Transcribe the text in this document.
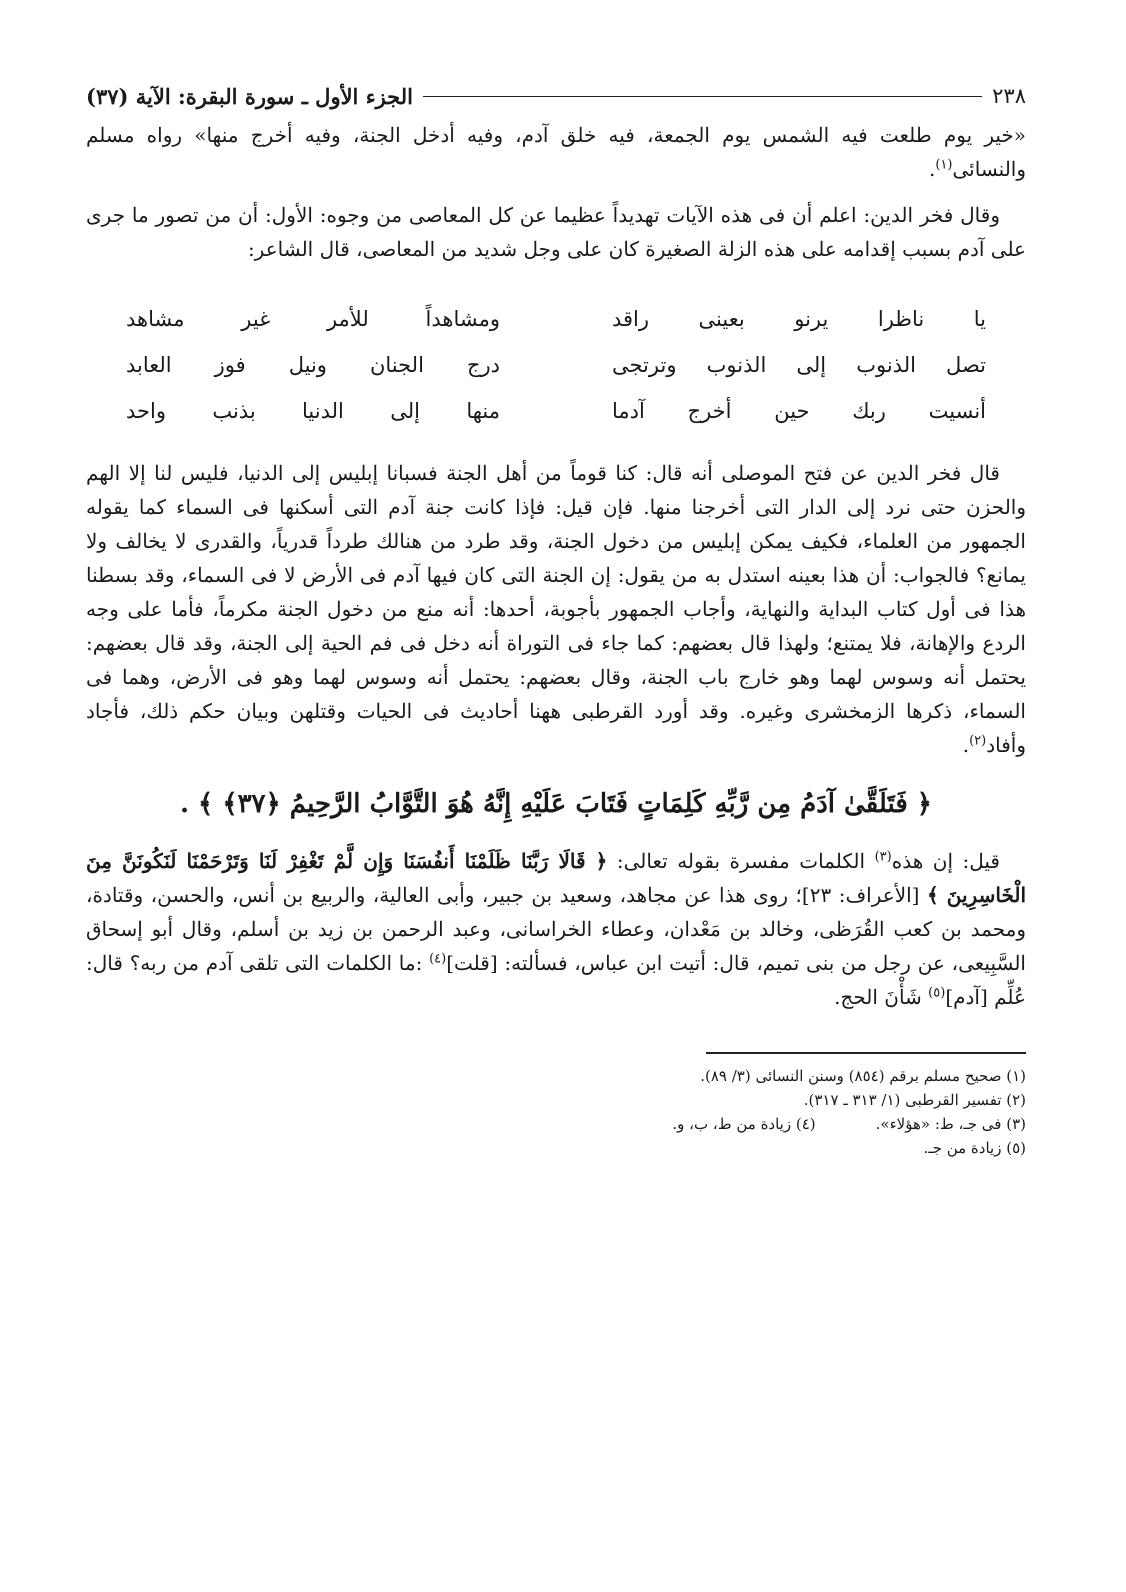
٢٣٨
الجزء الأول ـ سورة البقرة: الآية (٣٧)

«خير يوم طلعت فيه الشمس يوم الجمعة، فيه خلق آدم، وفيه أدخل الجنة، وفيه أخرج منها» رواه مسلم والنسائى$^{(١)}$.

وقال فخر الدين: اعلم أن فى هذه الآيات تهديداً عظيما عن كل المعاصى من وجوه: الأول: أن من تصور ما جرى على آدم بسبب إقدامه على هذه الزلة الصغيرة كان على وجل شديد من المعاصى، قال الشاعر:

يا ناظرا يرنو بعينى راقد
ومشاهداً للأمر غير مشاهد
تصل الذنوب إلى الذنوب وترتجى
درج الجنان ونيل فوز العابد
أنسيت ربك حين أخرج آدما
منها إلى الدنيا بذنب واحد

قال فخر الدين عن فتح الموصلى أنه قال: كنا قوماً من أهل الجنة فسبانا إبليس إلى الدنيا، فليس لنا إلا الهم والحزن حتى نرد إلى الدار التى أخرجنا منها. فإن قيل: فإذا كانت جنة آدم التى أسكنها فى السماء كما يقوله الجمهور من العلماء، فكيف يمكن إبليس من دخول الجنة، وقد طرد من هنالك طرداً قدرياً، والقدرى لا يخالف ولا يمانع؟ فالجواب: أن هذا بعينه استدل به من يقول: إن الجنة التى كان فيها آدم فى الأرض لا فى السماء، وقد بسطنا هذا فى أول كتاب البداية والنهاية، وأجاب الجمهور بأجوبة، أحدها: أنه منع من دخول الجنة مكرماً، فأما على وجه الردع والإهانة، فلا يمتنع؛ ولهذا قال بعضهم: كما جاء فى التوراة أنه دخل فى فم الحية إلى الجنة، وقد قال بعضهم: يحتمل أنه وسوس لهما وهو خارج باب الجنة، وقال بعضهم: يحتمل أنه وسوس لهما وهو فى الأرض، وهما فى السماء، ذكرها الزمخشرى وغيره. وقد أورد القرطبى ههنا أحاديث فى الحيات وقتلهن وبيان حكم ذلك، فأجاد وأفاد$^{(٢)}$.

﴿ فَتَلَقَّىٰ آدَمُ مِن رَّبِّهِ كَلِمَاتٍ فَتَابَ عَلَيْهِ إِنَّهُ هُوَ التَّوَّابُ الرَّحِيمُ ﴿٣٧﴾ ﴾ .

قيل: إن هذه$^{(٣)}$ الكلمات مفسرة بقوله تعالى: ﴿ قَالَا رَبَّنَا ظَلَمْنَا أَنفُسَنَا وَإِن لَّمْ تَغْفِرْ لَنَا وَتَرْحَمْنَا لَنَكُونَنَّ مِنَ الْخَاسِرِينَ ﴾ [الأعراف: ٢٣]؛ روى هذا عن مجاهد، وسعيد بن جبير، وأبى العالية، والربيع بن أنس، والحسن، وقتادة، ومحمد بن كعب القُرَظى، وخالد بن مَعْدان، وعطاء الخراسانى، وعبد الرحمن بن زيد بن أسلم، وقال أبو إسحاق السَّبِيعى، عن رجل من بنى تميم، قال: أتيت ابن عباس، فسألته: [قلت]$^{(٤)}$ :ما الكلمات التى تلقى آدم من ربه؟ قال: عُلِّم [آدم]$^{(٥)}$ شَأْنَ الحج.

(١) صحيح مسلم برقم (٨٥٤) وسنن النسائى (٣/ ٨٩).
(٢) تفسير القرطبى (١/ ٣١٣ ـ ٣١٧).
(٣) فى جـ، ط: «هؤلاء».
(٤) زيادة من ط، ب، و.
(٥) زيادة من جـ.
